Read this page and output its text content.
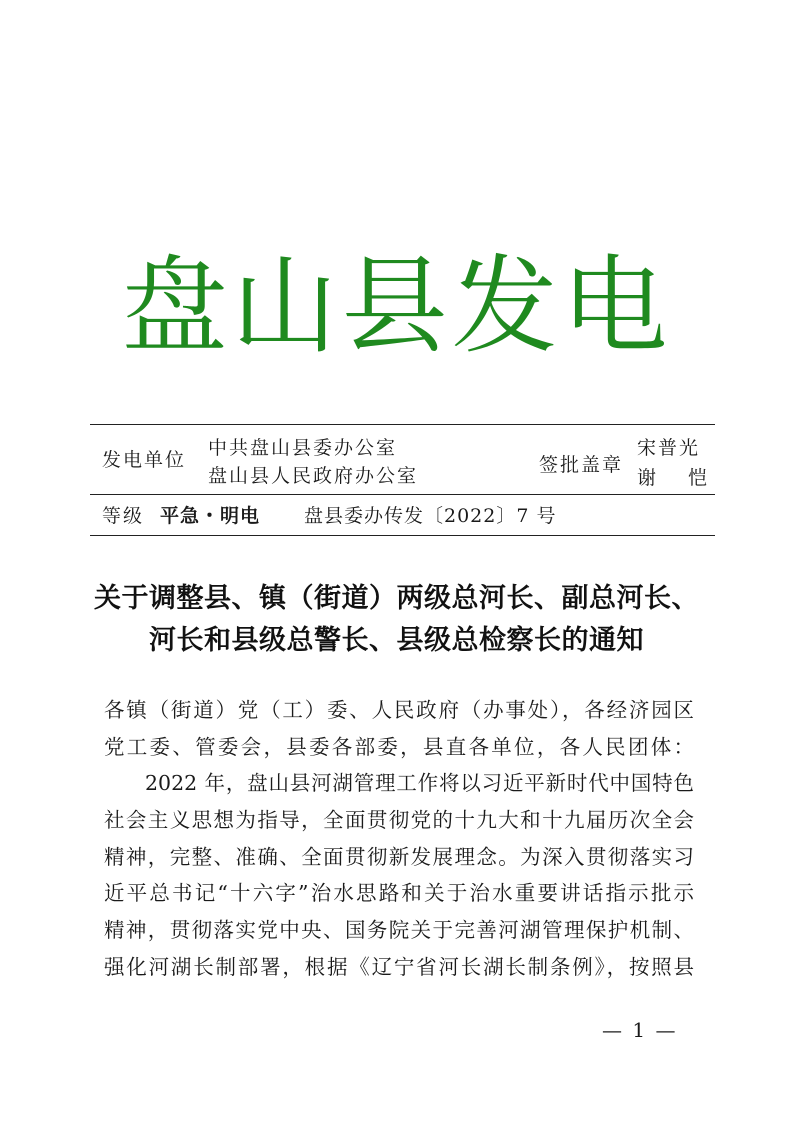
盘山县发电
发电单位
中共盘山县委办公室
盘山县人民政府办公室	签批盖章
宋普光
谢 恺
等级 平急・明电 盘县委办传发〔2022〕7 号
关于调整县、镇（街道）两级总河长、副总河长、
河长和县级总警长、县级总检察长的通知
各镇（街道）党（工）委、人民政府（办事处），各经济园区
党工委、管委会，县委各部委，县直各单位，各人民团体：
2022 年，盘山县河湖管理工作将以习近平新时代中国特色
社会主义思想为指导，全面贯彻党的十九大和十九届历次全会
精神，完整、准确、全面贯彻新发展理念。为深入贯彻落实习
近平总书记“十六字”治水思路和关于治水重要讲话指示批示
精神，贯彻落实党中央、国务院关于完善河湖管理保护机制、
强化河湖长制部署，根据《辽宁省河长湖长制条例》，按照县
— 1 —
